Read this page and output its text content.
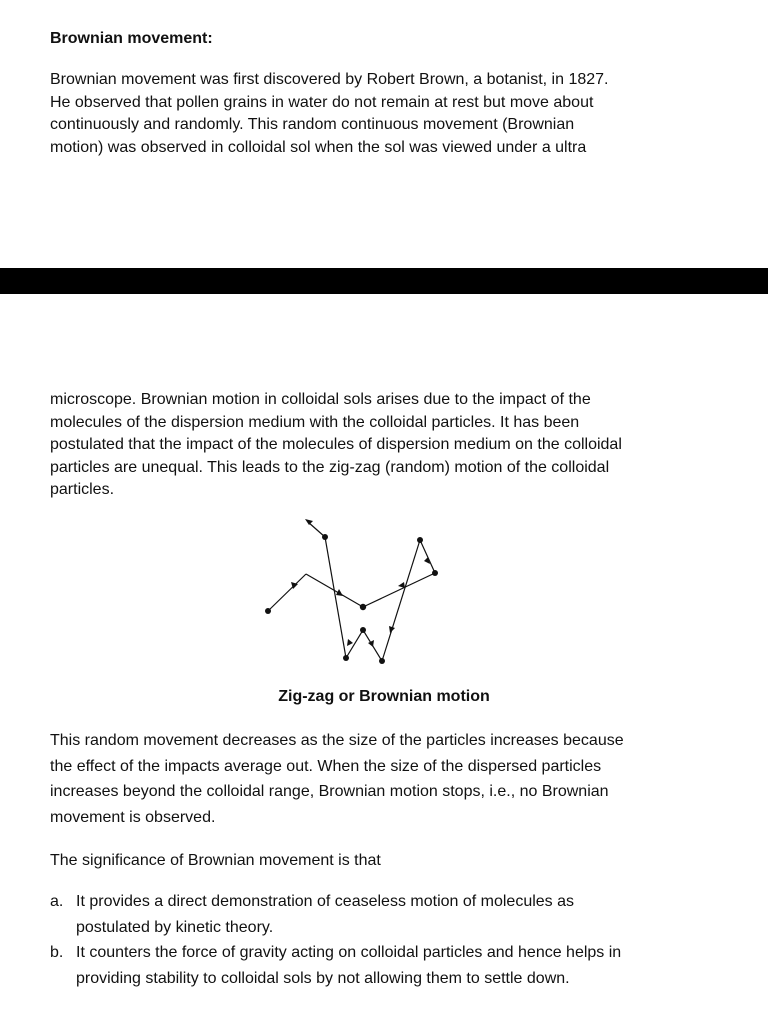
Brownian movement:

Brownian movement was first discovered by Robert Brown, a botanist, in 1827.
He observed that pollen grains in water do not remain at rest but move about
continuously and randomly. This random continuous movement (Brownian
motion) was observed in colloidal sol when the sol was viewed under a ultra

microscope. Brownian motion in colloidal sols arises due to the impact of the
molecules of the dispersion medium with the colloidal particles. It has been
postulated that the impact of the molecules of dispersion medium on the colloidal
particles are unequal. This leads to the zig-zag (random) motion of the colloidal
particles.

Zig-zag or Brownian motion

This random movement decreases as the size of the particles increases because
the effect of the impacts average out. When the size of the dispersed particles
increases beyond the colloidal range, Brownian motion stops, i.e., no Brownian
movement is observed.

The significance of Brownian movement is that

a. It provides a direct demonstration of ceaseless motion of molecules as
postulated by kinetic theory.
b. It counters the force of gravity acting on colloidal particles and hence helps in
providing stability to colloidal sols by not allowing them to settle down.
